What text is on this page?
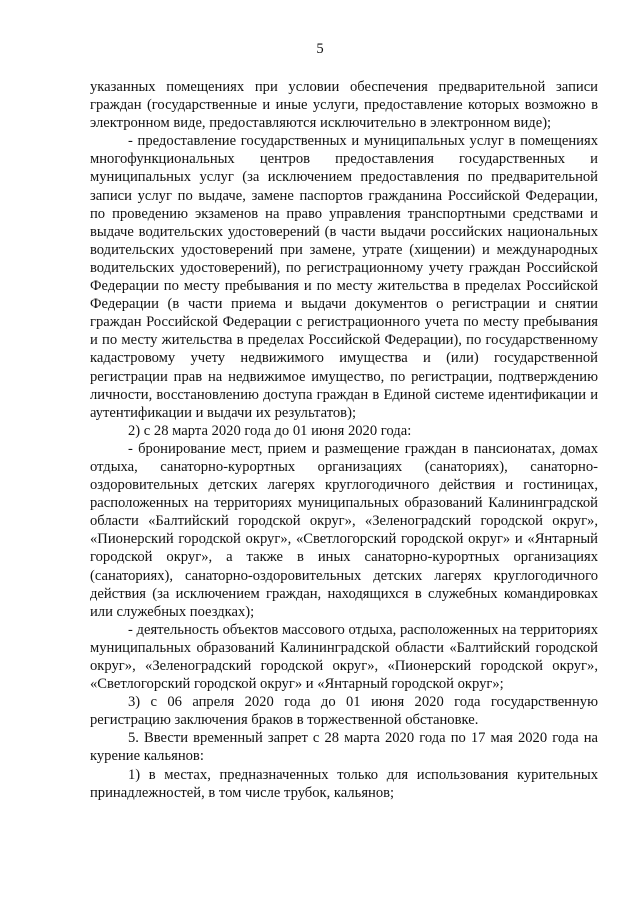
5

указанных помещениях при условии обеспечения предварительной записи граждан (государственные и иные услуги, предоставление которых возможно в электронном виде, предоставляются исключительно в электронном виде);

- предоставление государственных и муниципальных услуг в помещениях многофункциональных центров предоставления государственных и муниципальных услуг (за исключением предоставления по предварительной записи услуг по выдаче, замене паспортов гражданина Российской Федерации, по проведению экзаменов на право управления транспортными средствами и выдаче водительских удостоверений (в части выдачи российских национальных водительских удостоверений при замене, утрате (хищении) и международных водительских удостоверений), по регистрационному учету граждан Российской Федерации по месту пребывания и по месту жительства в пределах Российской Федерации (в части приема и выдачи документов о регистрации и снятии граждан Российской Федерации с регистрационного учета по месту пребывания и по месту жительства в пределах Российской Федерации), по государственному кадастровому учету недвижимого имущества и (или) государственной регистрации прав на недвижимое имущество, по регистрации, подтверждению личности, восстановлению доступа граждан в Единой системе идентификации и аутентификации и выдачи их результатов);

2) с 28 марта 2020 года до 01 июня 2020 года:

- бронирование мест, прием и размещение граждан в пансионатах, домах отдыха, санаторно-курортных организациях (санаториях), санаторно-оздоровительных детских лагерях круглогодичного действия и гостиницах, расположенных на территориях муниципальных образований Калининградской области «Балтийский городской округ», «Зеленоградский городской округ», «Пионерский городской округ», «Светлогорский городской округ» и «Янтарный городской округ», а также в иных санаторно-курортных организациях (санаториях), санаторно-оздоровительных детских лагерях круглогодичного действия (за исключением граждан, находящихся в служебных командировках или служебных поездках);

- деятельность объектов массового отдыха, расположенных на территориях муниципальных образований Калининградской области «Балтийский городской округ», «Зеленоградский городской округ», «Пионерский городской округ», «Светлогорский городской округ» и «Янтарный городской округ»;

3) с 06 апреля 2020 года до 01 июня 2020 года государственную регистрацию заключения браков в торжественной обстановке.

5. Ввести временный запрет с 28 марта 2020 года по 17 мая 2020 года на курение кальянов:

1) в местах, предназначенных только для использования курительных принадлежностей, в том числе трубок, кальянов;
